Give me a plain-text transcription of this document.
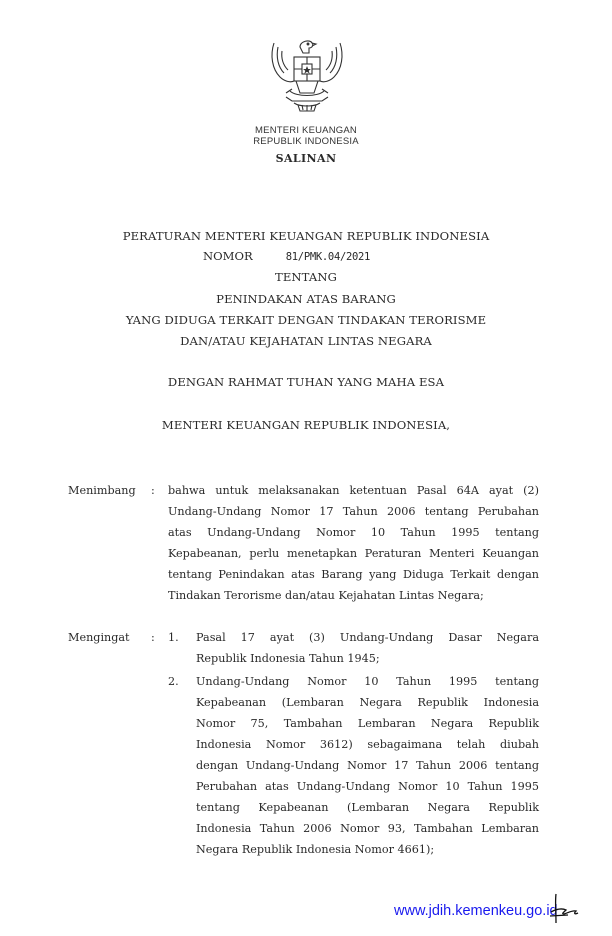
MENTERI KEUANGAN
REPUBLIK INDONESIA
SALINAN
PERATURAN MENTERI KEUANGAN REPUBLIK INDONESIA
NOMOR	81/PMK.04/2021
TENTANG
PENINDAKAN ATAS BARANG
YANG DIDUGA TERKAIT DENGAN TINDAKAN TERORISME
DAN/ATAU KEJAHATAN LINTAS NEGARA
DENGAN RAHMAT TUHAN YANG MAHA ESA
MENTERI KEUANGAN REPUBLIK INDONESIA,
Menimbang : bahwa untuk melaksanakan ketentuan Pasal 64A ayat (2)
Undang-Undang Nomor 17 Tahun 2006 tentang Perubahan
atas Undang-Undang Nomor 10 Tahun 1995 tentang
Kepabeanan, perlu menetapkan Peraturan Menteri Keuangan
tentang Penindakan atas Barang yang Diduga Terkait dengan
Tindakan Terorisme dan/atau Kejahatan Lintas Negara;
Mengingat : 1. Pasal 17 ayat (3) Undang-Undang Dasar Negara
Republik Indonesia Tahun 1945;
2. Undang-Undang Nomor 10 Tahun 1995 tentang
Kepabeanan (Lembaran Negara Republik Indonesia
Nomor 75, Tambahan Lembaran Negara Republik
Indonesia Nomor 3612) sebagaimana telah diubah
dengan Undang-Undang Nomor 17 Tahun 2006 tentang
Perubahan atas Undang-Undang Nomor 10 Tahun 1995
tentang Kepabeanan (Lembaran Negara Republik
Indonesia Tahun 2006 Nomor 93, Tambahan Lembaran
Negara Republik Indonesia Nomor 4661);
www.jdih.kemenkeu.go.id
